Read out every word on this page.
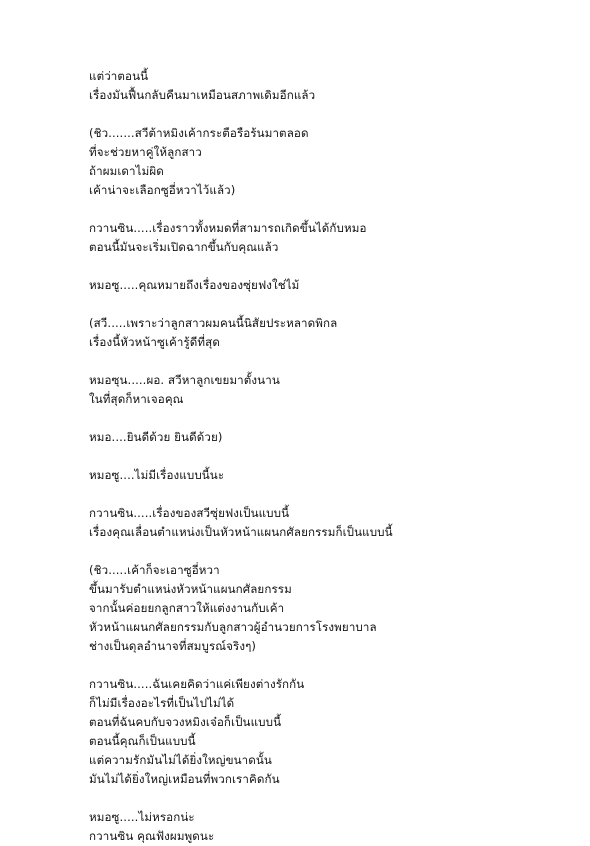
แต่ว่าตอนนี้
เรื่องมันฟื้นกลับคืนมาเหมือนสภาพเดิมอีกแล้ว
(ชิว.......สวีต้าหมิงเค้ากระตือรือร้นมาตลอด
ที่จะช่วยหาคู่ให้ลูกสาว
ถ้าผมเดาไม่ผิด
เค้าน่าจะเลือกซูอี่หวาไว้แล้ว)
กวานซิน.....เรื่องราวทั้งหมดที่สามารถเกิดขึ้นได้กับหมอ
ตอนนี้มันจะเริ่มเปิดฉากขึ้นกับคุณแล้ว
หมอซู.....คุณหมายถึงเรื่องของซุ่ยฟงใช่ไม้
(สวี.....เพราะว่าลูกสาวผมคนนี้นิสัยประหลาดพิกล
เรื่องนี้หัวหน้าซูเค้ารู้ดีที่สุด
หมอซุน.....ผอ. สวีหาลูกเขยมาตั้งนาน
ในที่สุดก็หาเจอคุณ
หมอ....ยินดีด้วย ยินดีด้วย)
หมอซู....ไม่มีเรื่องแบบนี้นะ
กวานซิน.....เรื่องของสวีซุ่ยฟงเป็นแบบนี้
เรื่องคุณเลื่อนตำแหน่งเป็นหัวหน้าแผนกศัลยกรรมก็เป็นแบบนี้
(ชิว.....เค้าก็จะเอาซูอี่หวา
ขึ้นมารับตำแหน่งหัวหน้าแผนกศัลยกรรม
จากนั้นค่อยยกลูกสาวให้แต่งงานกับเค้า
หัวหน้าแผนกศัลยกรรมกับลูกสาวผู้อำนวยการโรงพยาบาล
ช่างเป็นดุลอำนาจที่สมบูรณ์จริงๆ)
กวานซิน.....ฉันเคยคิดว่าแค่เพียงต่างรักกัน
ก็ไม่มีเรื่องอะไรที่เป็นไปไม่ได้
ตอนที่ฉันคบกับจวงหมิงเจ๋อก็เป็นแบบนี้
ตอนนี้คุณก็เป็นแบบนี้
แต่ความรักมันไม่ได้ยิ่งใหญ่ขนาดนั้น
มันไม่ได้ยิ่งใหญ่เหมือนที่พวกเราคิดกัน
หมอซู.....ไม่หรอกน่ะ
กวานซิน คุณฟังผมพูดนะ
